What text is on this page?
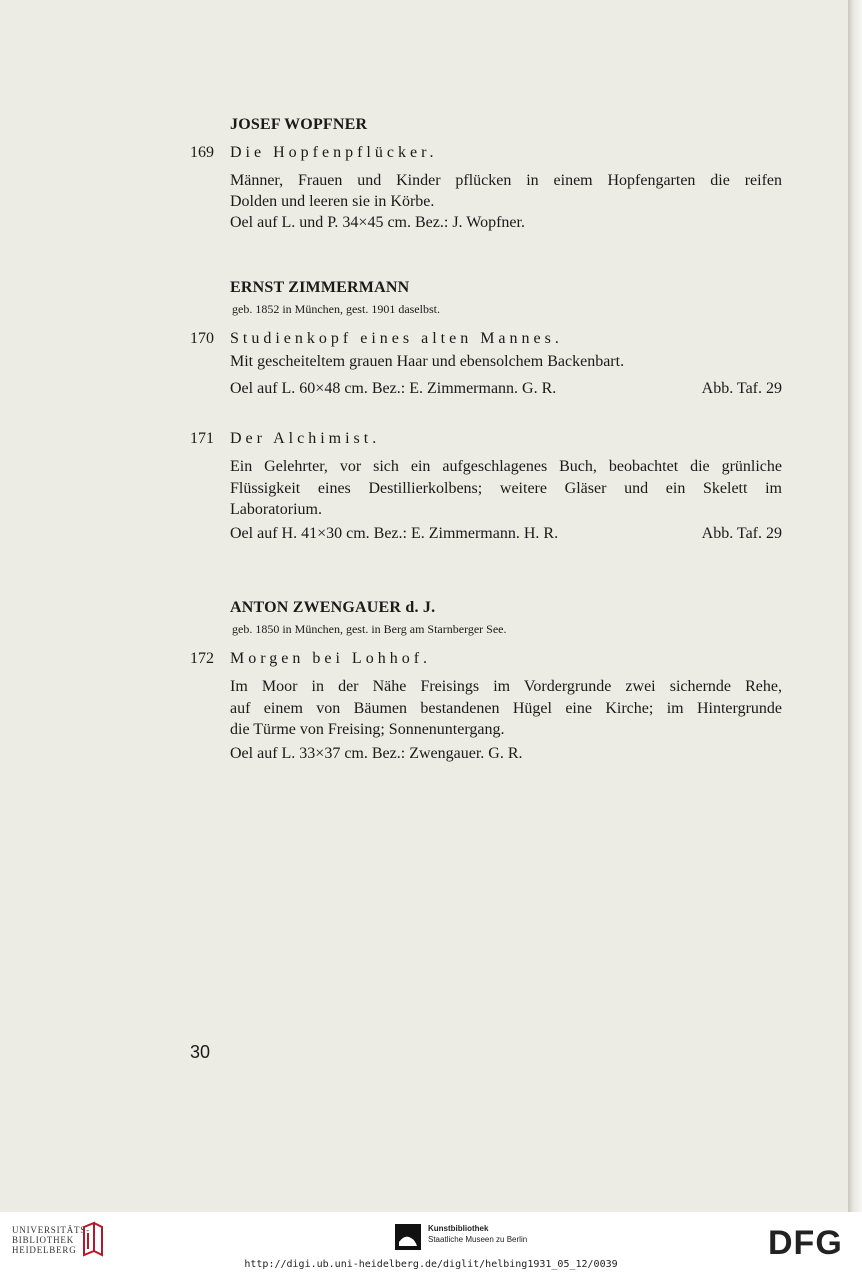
JOSEF WOPFNER
169 Die Hopfenpflücker.
Männer, Frauen und Kinder pflücken in einem Hopfengarten die reifen
Dolden und leeren sie in Körbe.
Oel auf L. und P. 34×45 cm. Bez.: J. Wopfner.
ERNST ZIMMERMANN
geb. 1852 in München, gest. 1901 daselbst.
170 Studienkopf eines alten Mannes.
Mit gescheiteltem grauen Haar und ebensolchem Backenbart.
Oel auf L. 60×48 cm. Bez.: E. Zimmermann. G. R.	Abb. Taf. 29
171 Der Alchimist.
Ein Gelehrter, vor sich ein aufgeschlagenes Buch, beobachtet die grünliche
Flüssigkeit eines Destillierkolbens; weitere Gläser und ein Skelett im
Laboratorium.
Oel auf H. 41×30 cm. Bez.: E. Zimmermann. H. R.	Abb. Taf. 29
ANTON ZWENGAUER d. J.
geb. 1850 in München, gest. in Berg am Starnberger See.
172 Morgen bei Lohhof.
Im Moor in der Nähe Freisings im Vordergrunde zwei sichernde Rehe,
auf einem von Bäumen bestandenen Hügel eine Kirche; im Hintergrunde
die Türme von Freising; Sonnenuntergang.
Oel auf L. 33×37 cm. Bez.: Zwengauer. G. R.
30
UNIVERSITÄTS-
BIBLIOTHEK
HEIDELBERG
Kunstbibliothek
Staatliche Museen zu Berlin	DFG
http://digi.ub.uni-heidelberg.de/diglit/helbing1931_05_12/0039
